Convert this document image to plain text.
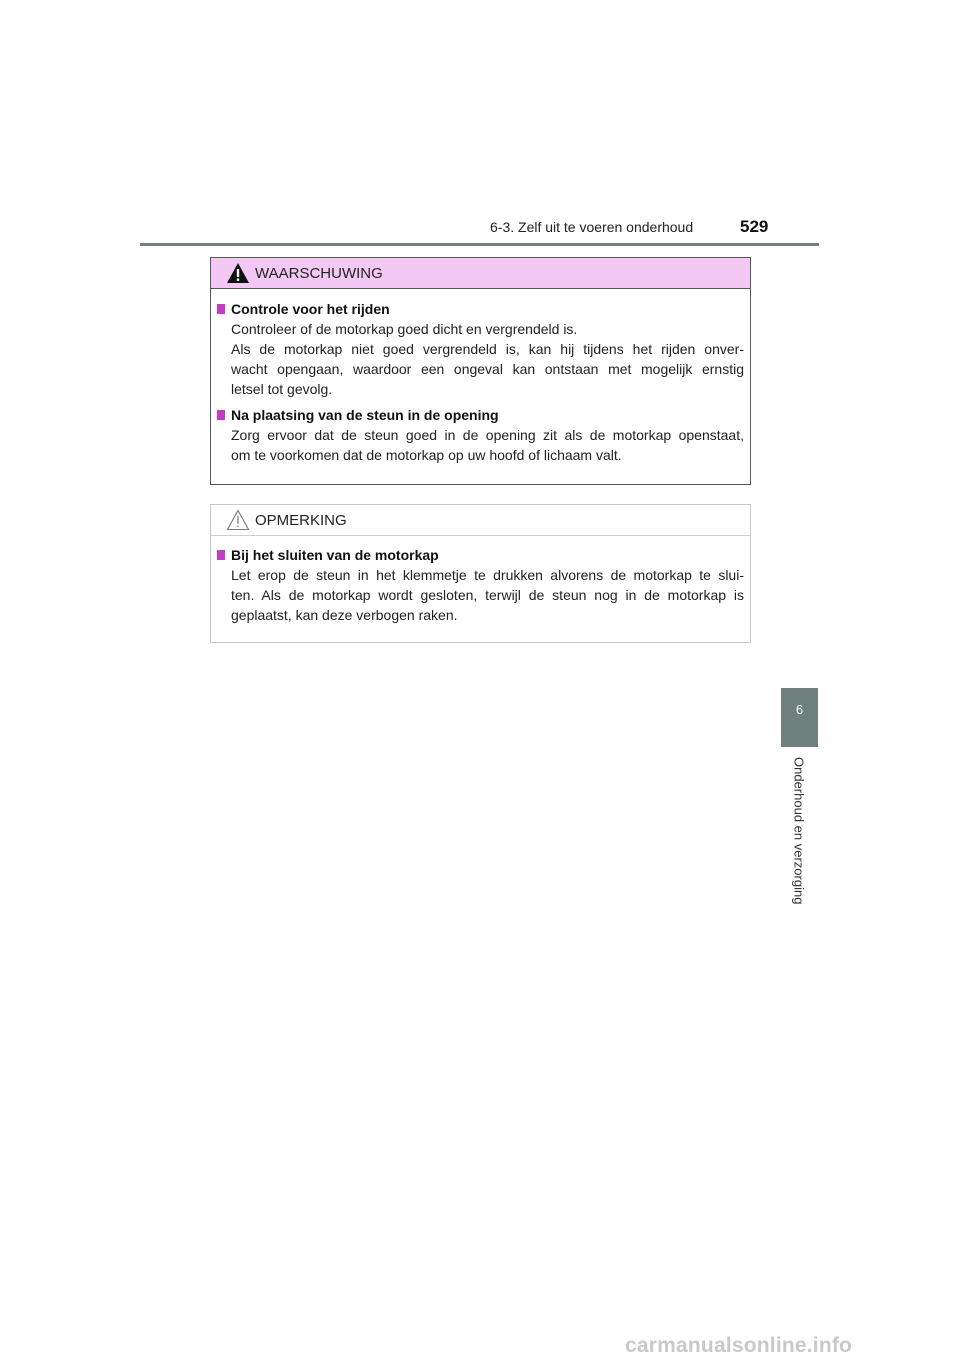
6-3. Zelf uit te voeren onderhoud	529
WAARSCHUWING
Controle voor het rijden
Controleer of de motorkap goed dicht en vergrendeld is.
Als de motorkap niet goed vergrendeld is, kan hij tijdens het rijden onver-
wacht opengaan, waardoor een ongeval kan ontstaan met mogelijk ernstig
letsel tot gevolg.
Na plaatsing van de steun in de opening
Zorg ervoor dat de steun goed in de opening zit als de motorkap openstaat,
om te voorkomen dat de motorkap op uw hoofd of lichaam valt.
OPMERKING
Bij het sluiten van de motorkap
Let erop de steun in het klemmetje te drukken alvorens de motorkap te slui-
ten. Als de motorkap wordt gesloten, terwijl de steun nog in de motorkap is
geplaatst, kan deze verbogen raken.
6
Onderhoud en verzorging
carmanualsonline.info
